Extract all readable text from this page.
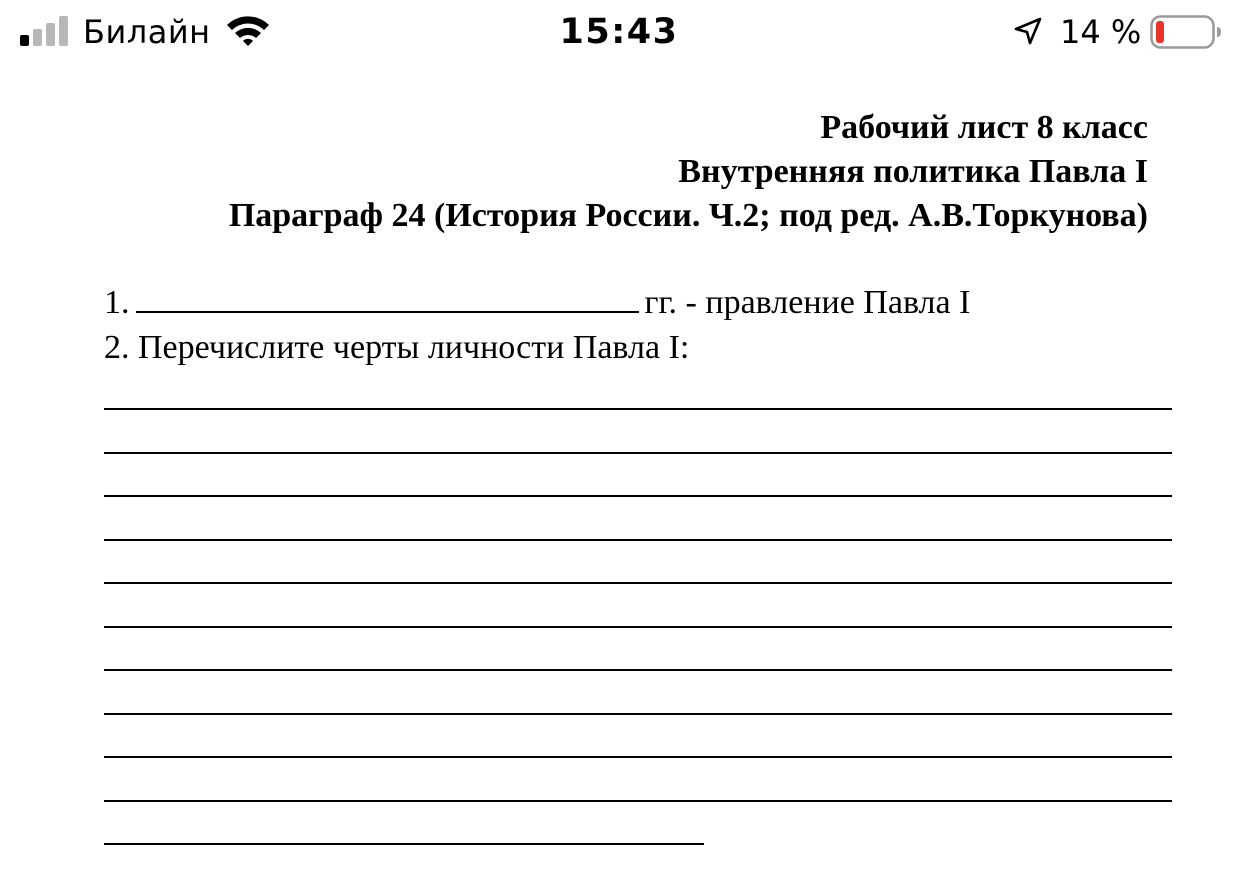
Билайн	15:43	14 %
Рабочий лист 8 класс
Внутренняя политика Павла I
Параграф 24 (История России. Ч.2; под ред. А.В.Торкунова)
1.	гг. - правление Павла I
2. Перечислите черты личности Павла I:
